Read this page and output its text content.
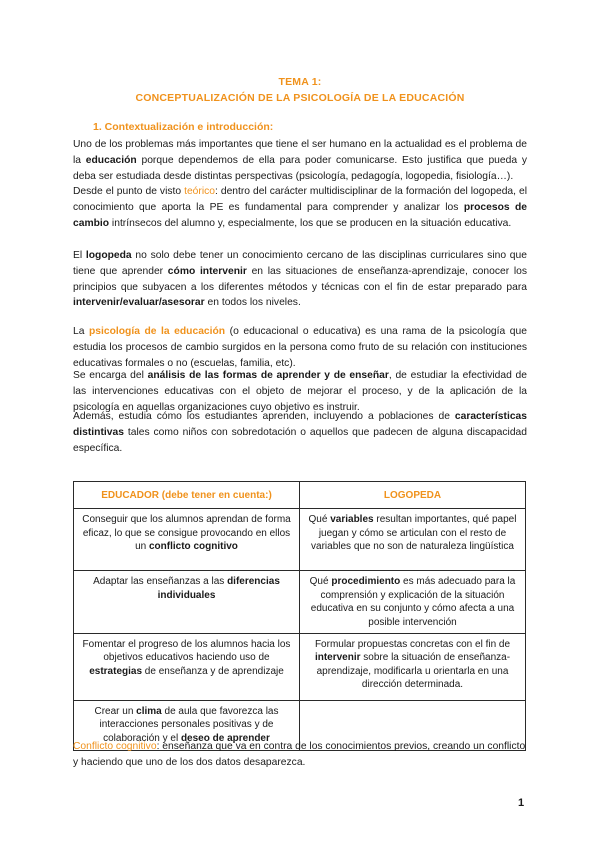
TEMA 1:
CONCEPTUALIZACIÓN DE LA PSICOLOGÍA DE LA EDUCACIÓN
1. Contextualización e introducción:

Uno de los problemas más importantes que tiene el ser humano en la actualidad es el problema de la educación porque dependemos de ella para poder comunicarse. Esto justifica que pueda y deba ser estudiada desde distintas perspectivas (psicología, pedagogía, logopedia, fisiología…).
Desde el punto de visto teórico: dentro del carácter multidisciplinar de la formación del logopeda, el conocimiento que aporta la PE es fundamental para comprender y analizar los procesos de cambio intrínsecos del alumno y, especialmente, los que se producen en la situación educativa.

El logopeda no solo debe tener un conocimiento cercano de las disciplinas curriculares sino que tiene que aprender cómo intervenir en las situaciones de enseñanza-aprendizaje, conocer los principios que subyacen a los diferentes métodos y técnicas con el fin de estar preparado para intervenir/evaluar/asesorar en todos los niveles.

La psicología de la educación (o educacional o educativa) es una rama de la psicología que estudia los procesos de cambio surgidos en la persona como fruto de su relación con instituciones educativas formales o no (escuelas, familia, etc).

Se encarga del análisis de las formas de aprender y de enseñar, de estudiar la efectividad de las intervenciones educativas con el objeto de mejorar el proceso, y de la aplicación de la psicología en aquellas organizaciones cuyo objetivo es instruir.

Además, estudia cómo los estudiantes aprenden, incluyendo a poblaciones de características distintivas tales como niños con sobredotación o aquellos que padecen de alguna discapacidad específica.

EDUCADOR (debe tener en cuenta:)	LOGOPEDA
Conseguir que los alumnos aprendan de forma eficaz, lo que se consigue provocando en ellos un conflicto cognitivo	Qué variables resultan importantes, qué papel juegan y cómo se articulan con el resto de variables que no son de naturaleza lingüística
Adaptar las enseñanzas a las diferencias individuales	Qué procedimiento es más adecuado para la comprensión y explicación de la situación educativa en su conjunto y cómo afecta a una posible intervención
Fomentar el progreso de los alumnos hacia los objetivos educativos haciendo uso de estrategias de enseñanza y de aprendizaje	Formular propuestas concretas con el fin de intervenir sobre la situación de enseñanza-aprendizaje, modificarla u orientarla en una dirección determinada.
Crear un clima de aula que favorezca las interacciones personales positivas y de colaboración y el deseo de aprender	

Conflicto cognitivo: enseñanza que va en contra de los conocimientos previos, creando un conflicto y haciendo que uno de los dos datos desaparezca.

1
